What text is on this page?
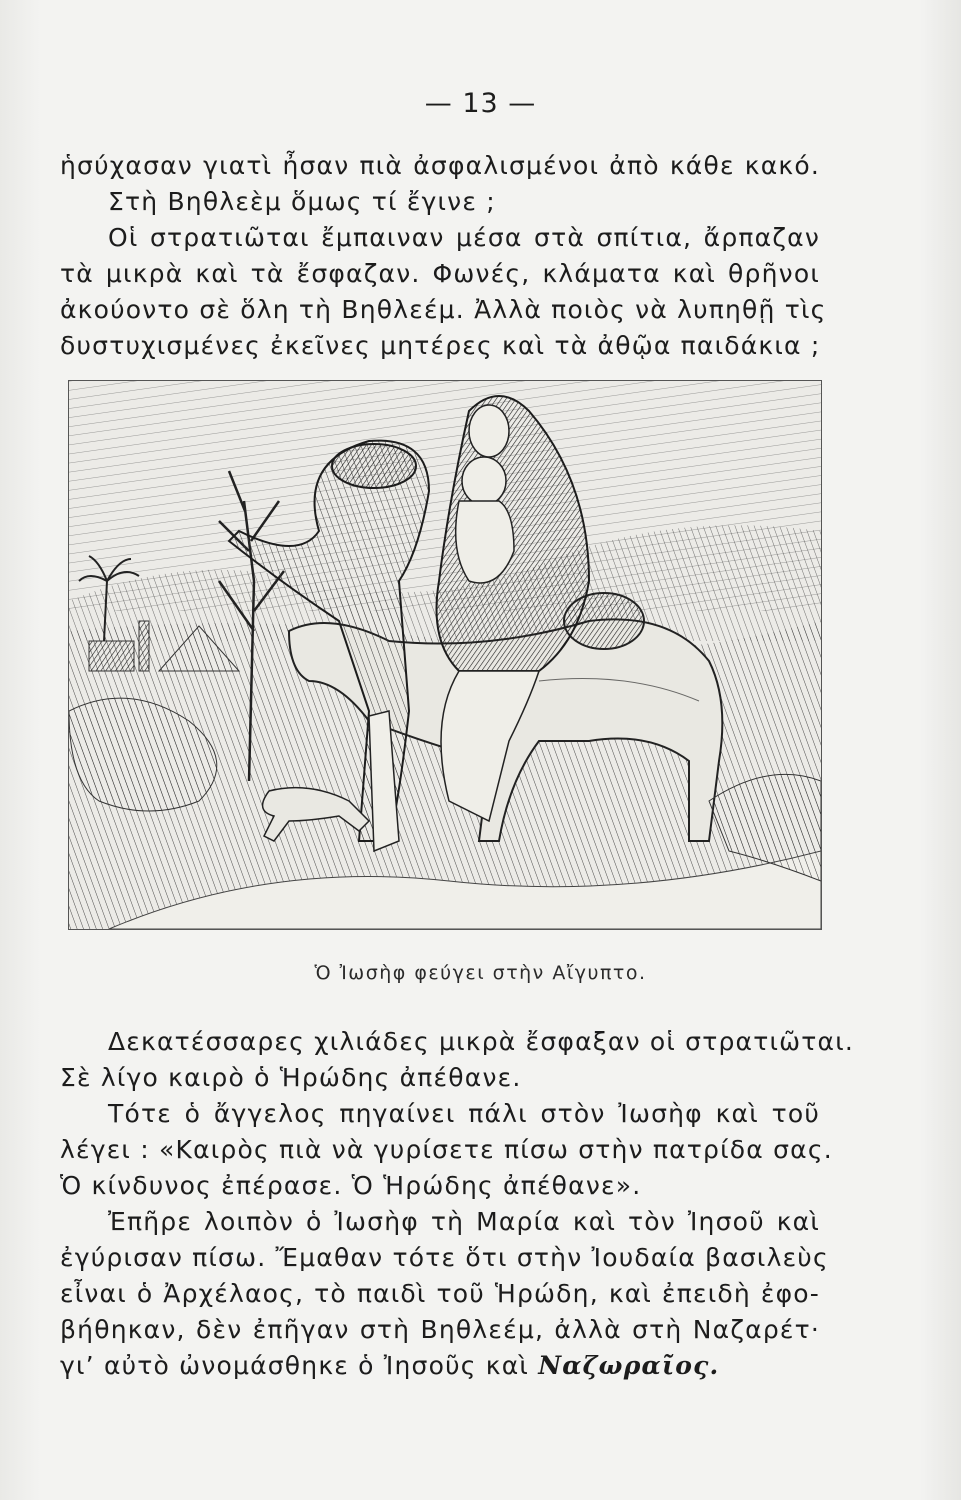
— 13 —
ἡσύχασαν γιατὶ ἦσαν πιὰ ἀσφαλισμένοι ἀπὸ κάθε κακό.
Στὴ Βηθλεὲμ ὅμως τί ἔγινε ;
Οἱ στρατιῶται ἔμπαιναν μέσα στὰ σπίτια, ἄρπαζαν
τὰ μικρὰ καὶ τὰ ἔσφαζαν. Φωνές, κλάματα καὶ θρῆνοι
ἀκούοντο σὲ ὅλη τὴ Βηθλεέμ. Ἀλλὰ ποιὸς νὰ λυπηθῇ τὶς
δυστυχισμένες ἐκεῖνες μητέρες καὶ τὰ ἀθῷα παιδάκια ;
Ὁ Ἰωσὴφ φεύγει στὴν Αἴγυπτο.
Δεκατέσσαρες χιλιάδες μικρὰ ἔσφαξαν οἱ στρατιῶται.
Σὲ λίγο καιρὸ ὁ Ἡρώδης ἀπέθανε.
Τότε ὁ ἄγγελος πηγαίνει πάλι στὸν Ἰωσὴφ καὶ τοῦ
λέγει : «Καιρὸς πιὰ νὰ γυρίσετε πίσω στὴν πατρίδα σας.
Ὁ κίνδυνος ἐπέρασε. Ὁ Ἡρώδης ἀπέθανε».
Ἐπῆρε λοιπὸν ὁ Ἰωσὴφ τὴ Μαρία καὶ τὸν Ἰησοῦ καὶ
ἐγύρισαν πίσω. Ἔμαθαν τότε ὅτι στὴν Ἰουδαία βασιλεὺς
εἶναι ὁ Ἀρχέλαος, τὸ παιδὶ τοῦ Ἡρώδη, καὶ ἐπειδὴ ἐφο-
βήθηκαν, δὲν ἐπῆγαν στὴ Βηθλεέμ, ἀλλὰ στὴ Ναζαρέτ·
γι’ αὐτὸ ὠνομάσθηκε ὁ Ἰησοῦς καὶ Ναζωραῖος.
